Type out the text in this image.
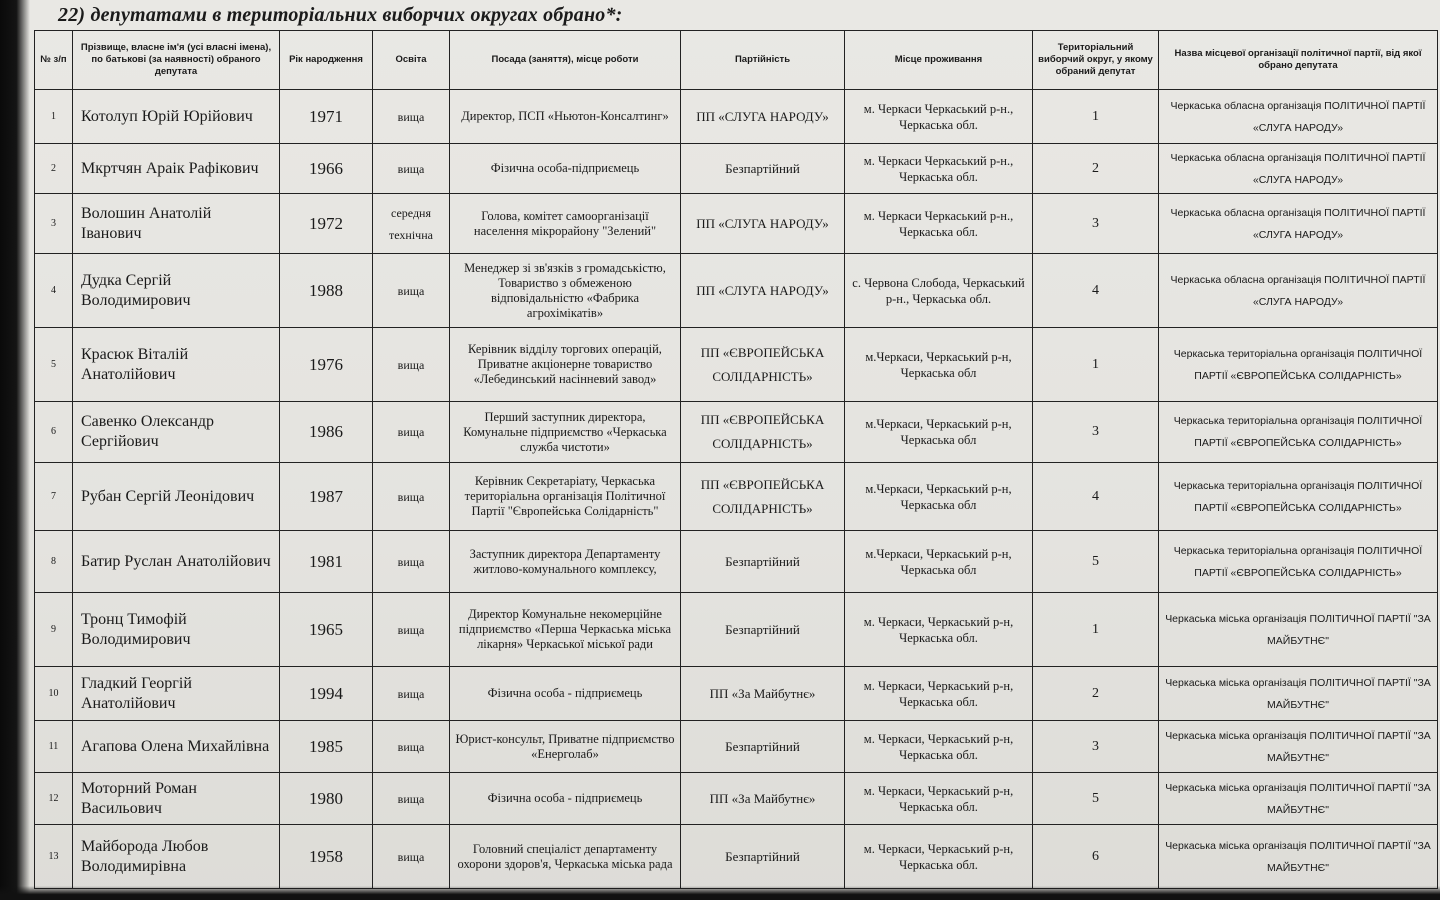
22) депутатами в територіальних виборчих округах обрано*:
№ з/п	Прізвище, власне ім'я (усі власні імена), по батькові (за наявності) обраного депутата	Рік народження	Освіта	Посада (заняття), місце роботи	Партійність	Місце проживання	Територіальний виборчий округ, у якому обраний депутат	Назва місцевої організації політичної партії, від якої обрано депутата
1	Котолуп Юрій Юрійович	1971	вища	Директор, ПСП «Ньютон-Консалтинг»	ПП «СЛУГА НАРОДУ»	м. Черкаси Черкаський р-н., Черкаська обл.	1	Черкаська обласна організація ПОЛІТИЧНОЇ ПАРТІЇ «СЛУГА НАРОДУ»
2	Мкртчян Араік Рафікович	1966	вища	Фізична особа-підприємець	Безпартійний	м. Черкаси Черкаський р-н., Черкаська обл.	2	Черкаська обласна організація ПОЛІТИЧНОЇ ПАРТІЇ «СЛУГА НАРОДУ»
3	Волошин Анатолій Іванович	1972	середня технічна	Голова, комітет самоорганізації населення мікрорайону "Зелений"	ПП «СЛУГА НАРОДУ»	м. Черкаси Черкаський р-н., Черкаська обл.	3	Черкаська обласна організація ПОЛІТИЧНОЇ ПАРТІЇ «СЛУГА НАРОДУ»
4	Дудка Сергій Володимирович	1988	вища	Менеджер зі зв'язків з громадськістю, Товариство з обмеженою відповідальністю «Фабрика агрохімікатів»	ПП «СЛУГА НАРОДУ»	с. Червона Слобода, Черкаський р-н., Черкаська обл.	4	Черкаська обласна організація ПОЛІТИЧНОЇ ПАРТІЇ «СЛУГА НАРОДУ»
5	Красюк Віталій Анатолійович	1976	вища	Керівник відділу торгових операцій, Приватне акціонерне товариство «Лебединський насінневий завод»	ПП «ЄВРОПЕЙСЬКА СОЛІДАРНІСТЬ»	м.Черкаси, Черкаський р-н, Черкаська обл	1	Черкаська територіальна організація ПОЛІТИЧНОЇ ПАРТІЇ «ЄВРОПЕЙСЬКА СОЛІДАРНІСТЬ»
6	Савенко Олександр Сергійович	1986	вища	Перший заступник директора, Комунальне підприємство «Черкаська служба чистоти»	ПП «ЄВРОПЕЙСЬКА СОЛІДАРНІСТЬ»	м.Черкаси, Черкаський р-н, Черкаська обл	3	Черкаська територіальна організація ПОЛІТИЧНОЇ ПАРТІЇ «ЄВРОПЕЙСЬКА СОЛІДАРНІСТЬ»
7	Рубан Сергій Леонідович	1987	вища	Керівник Секретаріату, Черкаська територіальна організація Політичної Партії "Європейська Солідарність"	ПП «ЄВРОПЕЙСЬКА СОЛІДАРНІСТЬ»	м.Черкаси, Черкаський р-н, Черкаська обл	4	Черкаська територіальна організація ПОЛІТИЧНОЇ ПАРТІЇ «ЄВРОПЕЙСЬКА СОЛІДАРНІСТЬ»
8	Батир Руслан Анатолійович	1981	вища	Заступник директора Департаменту житлово-комунального комплексу,	Безпартійний	м.Черкаси, Черкаський р-н, Черкаська обл	5	Черкаська територіальна організація ПОЛІТИЧНОЇ ПАРТІЇ «ЄВРОПЕЙСЬКА СОЛІДАРНІСТЬ»
9	Тронц Тимофій Володимирович	1965	вища	Директор Комунальне некомерційне підприємство «Перша Черкаська міська лікарня» Черкаської міської ради	Безпартійний	м. Черкаси, Черкаський р-н, Черкаська обл.	1	Черкаська міська організація ПОЛІТИЧНОЇ ПАРТІЇ "ЗА МАЙБУТНЄ"
10	Гладкий Георгій Анатолійович	1994	вища	Фізична особа - підприємець	ПП «За Майбутнє»	м. Черкаси, Черкаський р-н, Черкаська обл.	2	Черкаська міська організація ПОЛІТИЧНОЇ ПАРТІЇ "ЗА МАЙБУТНЄ"
11	Агапова Олена Михайлівна	1985	вища	Юрист-консульт, Приватне підприємство «Енерголаб»	Безпартійний	м. Черкаси, Черкаський р-н, Черкаська обл.	3	Черкаська міська організація ПОЛІТИЧНОЇ ПАРТІЇ "ЗА МАЙБУТНЄ"
12	Моторний Роман Васильович	1980	вища	Фізична особа - підприємець	ПП «За Майбутнє»	м. Черкаси, Черкаський р-н, Черкаська обл.	5	Черкаська міська організація ПОЛІТИЧНОЇ ПАРТІЇ "ЗА МАЙБУТНЄ"
13	Майборода Любов Володимирівна	1958	вища	Головний спеціаліст департаменту охорони здоров'я, Черкаська міська рада	Безпартійний	м. Черкаси, Черкаський р-н, Черкаська обл.	6	Черкаська міська організація ПОЛІТИЧНОЇ ПАРТІЇ "ЗА МАЙБУТНЄ"
